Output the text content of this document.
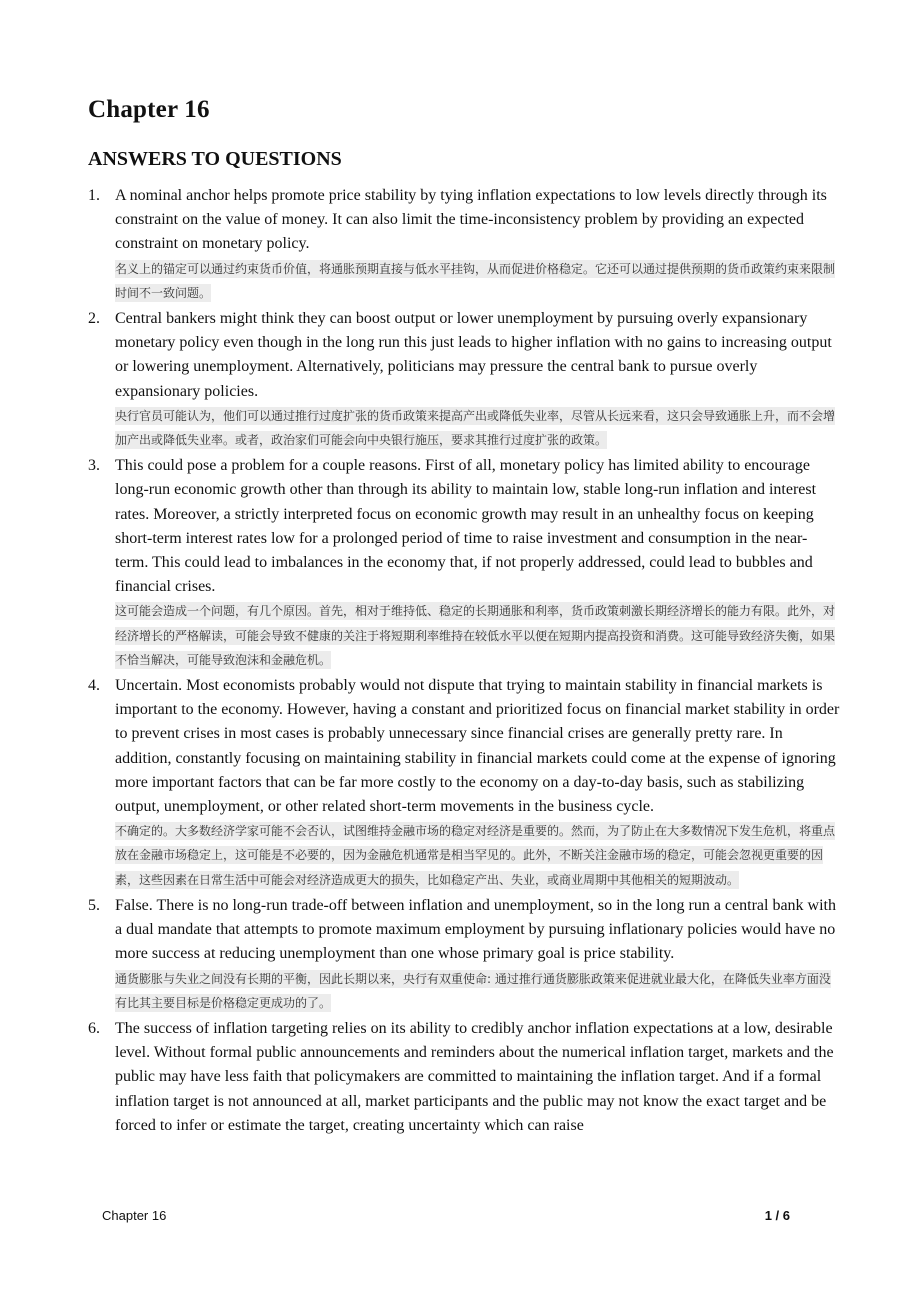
Chapter 16
ANSWERS TO QUESTIONS
1. A nominal anchor helps promote price stability by tying inflation expectations to low levels directly through its constraint on the value of money. It can also limit the time-inconsistency problem by providing an expected constraint on monetary policy.
名义上的锚定可以通过约束货币价值，将通胀预期直接与低水平挂钩，从而促进价格稳定。它还可以通过提供预期的货币政策约束来限制时间不一致问题。
2. Central bankers might think they can boost output or lower unemployment by pursuing overly expansionary monetary policy even though in the long run this just leads to higher inflation with no gains to increasing output or lowering unemployment. Alternatively, politicians may pressure the central bank to pursue overly expansionary policies.
央行官员可能认为，他们可以通过推行过度扩张的货币政策来提高产出或降低失业率，尽管从长远来看，这只会导致通胀上升，而不会增加产出或降低失业率。或者，政治家们可能会向中央银行施压，要求其推行过度扩张的政策。
3. This could pose a problem for a couple reasons. First of all, monetary policy has limited ability to encourage long-run economic growth other than through its ability to maintain low, stable long-run inflation and interest rates. Moreover, a strictly interpreted focus on economic growth may result in an unhealthy focus on keeping short-term interest rates low for a prolonged period of time to raise investment and consumption in the near-term. This could lead to imbalances in the economy that, if not properly addressed, could lead to bubbles and financial crises.
这可能会造成一个问题，有几个原因。首先，相对于维持低、稳定的长期通胀和利率，货币政策刺激长期经济增长的能力有限。此外，对经济增长的严格解读，可能会导致不健康的关注于将短期利率维持在较低水平以便在短期内提高投资和消费。这可能导致经济失衡，如果不恰当解决，可能导致泡沫和金融危机。
4. Uncertain. Most economists probably would not dispute that trying to maintain stability in financial markets is important to the economy. However, having a constant and prioritized focus on financial market stability in order to prevent crises in most cases is probably unnecessary since financial crises are generally pretty rare. In addition, constantly focusing on maintaining stability in financial markets could come at the expense of ignoring more important factors that can be far more costly to the economy on a day-to-day basis, such as stabilizing output, unemployment, or other related short-term movements in the business cycle.
不确定的。大多数经济学家可能不会否认，试图维持金融市场的稳定对经济是重要的。然而，为了防止在大多数情况下发生危机，将重点放在金融市场稳定上，这可能是不必要的，因为金融危机通常是相当罕见的。此外，不断关注金融市场的稳定，可能会忽视更重要的因素，这些因素在日常生活中可能会对经济造成更大的损失，比如稳定产出、失业，或商业周期中其他相关的短期波动。
5. False. There is no long-run trade-off between inflation and unemployment, so in the long run a central bank with a dual mandate that attempts to promote maximum employment by pursuing inflationary policies would have no more success at reducing unemployment than one whose primary goal is price stability.
通货膨胀与失业之间没有长期的平衡，因此长期以来，央行有双重使命: 通过推行通货膨胀政策来促进就业最大化，在降低失业率方面没有比其主要目标是价格稳定更成功的了。
6. The success of inflation targeting relies on its ability to credibly anchor inflation expectations at a low, desirable level. Without formal public announcements and reminders about the numerical inflation target, markets and the public may have less faith that policymakers are committed to maintaining the inflation target. And if a formal inflation target is not announced at all, market participants and the public may not know the exact target and be forced to infer or estimate the target, creating uncertainty which can raise
Chapter 16	1 / 6
